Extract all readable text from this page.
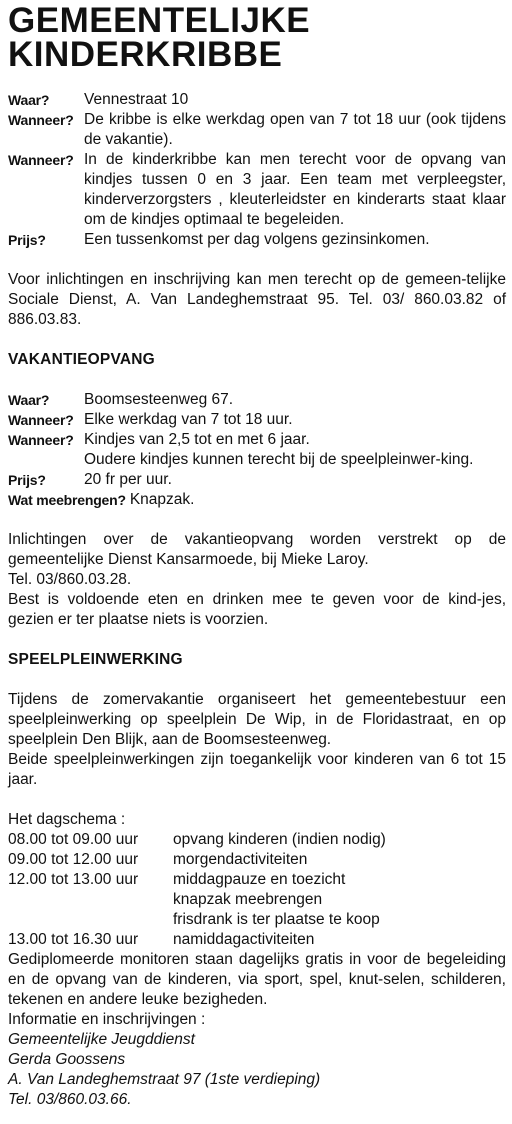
GEMEENTELIJKE
KINDERKRIBBE
Waar?	Vennestraat 10
Wanneer? De kribbe is elke werkdag open van 7 tot 18 uur (ook tijdens de vakantie).
Wanneer? In de kinderkribbe kan men terecht voor de opvang van kindjes tussen 0 en 3 jaar. Een team met verpleegster, kinderverzorgsters , kleuterleidster en kinderarts staat klaar om de kindjes optimaal te begeleiden.
Prijs?	Een tussenkomst per dag volgens gezinsinkomen.

Voor inlichtingen en inschrijving kan men terecht op de gemeen-telijke Sociale Dienst, A. Van Landeghemstraat 95. Tel. 03/ 860.03.82 of 886.03.83.

VAKANTIEOPVANG

Waar?	Boomsesteenweg 67.
Wanneer? Elke werkdag van 7 tot 18 uur.
Wanneer? Kindjes van 2,5 tot en met 6 jaar.
Oudere kindjes kunnen terecht bij de speelpleinwer-king.
Prijs?	20 fr per uur.
Wat meebrengen? Knapzak.

Inlichtingen over de vakantieopvang worden verstrekt op de gemeentelijke Dienst Kansarmoede, bij Mieke Laroy.

Tel. 03/860.03.28.

Best is voldoende eten en drinken mee te geven voor de kind-jes, gezien er ter plaatse niets is voorzien.

SPEELPLEINWERKING

Tijdens de zomervakantie organiseert het gemeentebestuur een speelpleinwerking op speelplein De Wip, in de Floridastraat, en op speelplein Den Blijk, aan de Boomsesteenweg.

Beide speelpleinwerkingen zijn toegankelijk voor kinderen van 6 tot 15 jaar.

Het dagschema :

08.00 tot 09.00 uur	opvang kinderen (indien nodig)
09.00 tot 12.00 uur	morgendactiviteiten
12.00 tot 13.00 uur	middagpauze en toezicht
knapzak meebrengen
frisdrank is ter plaatse te koop
13.00 tot 16.30 uur	namiddagactiviteiten

Gediplomeerde monitoren staan dagelijks gratis in voor de begeleiding en de opvang van de kinderen, via sport, spel, knut-selen, schilderen, tekenen en andere leuke bezigheden.

Informatie en inschrijvingen :

Gemeentelijke Jeugddienst
Gerda Goossens
A. Van Landeghemstraat 97 (1ste verdieping)
Tel. 03/860.03.66.
